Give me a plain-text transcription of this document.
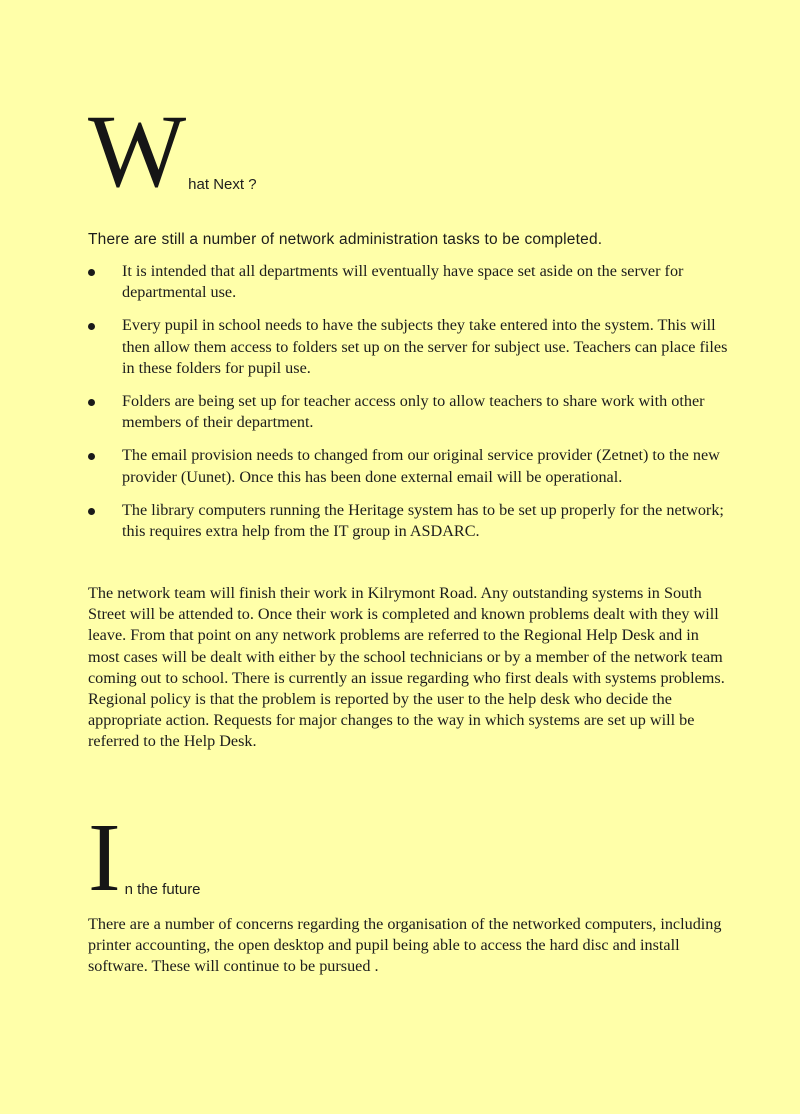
W hat Next ?

There are still a number of network administration tasks to be completed.

It is intended that all departments will eventually have space set aside on the server for departmental use.
Every pupil in school needs to have the subjects they take entered into the system. This will then allow them access to folders set up on the server for subject use. Teachers can place files in these folders for pupil use.
Folders are being set up for teacher access only to allow teachers to share work with other members of their department.
The email provision needs to changed from our original service provider (Zetnet) to the new provider (Uunet). Once this has been done external email will be operational.
The library computers running the Heritage system has to be set up properly for the network; this requires extra help from the IT group in ASDARC.

The network team will finish their work in Kilrymont Road. Any outstanding systems in South Street will be attended to. Once their work is completed and known problems dealt with they will leave. From that point on any network problems are referred to the Regional Help Desk and in most cases will be dealt with either by the school technicians or by a member of the network team coming out to school. There is currently an issue regarding who first deals with systems problems. Regional policy is that the problem is reported by the user to the help desk who decide the appropriate action. Requests for major changes to the way in which systems are set up will be referred to the Help Desk.

I n the future

There are a number of concerns regarding the organisation of the networked computers, including printer accounting, the open desktop and pupil being able to access the hard disc and install software. These will continue to be pursued .
